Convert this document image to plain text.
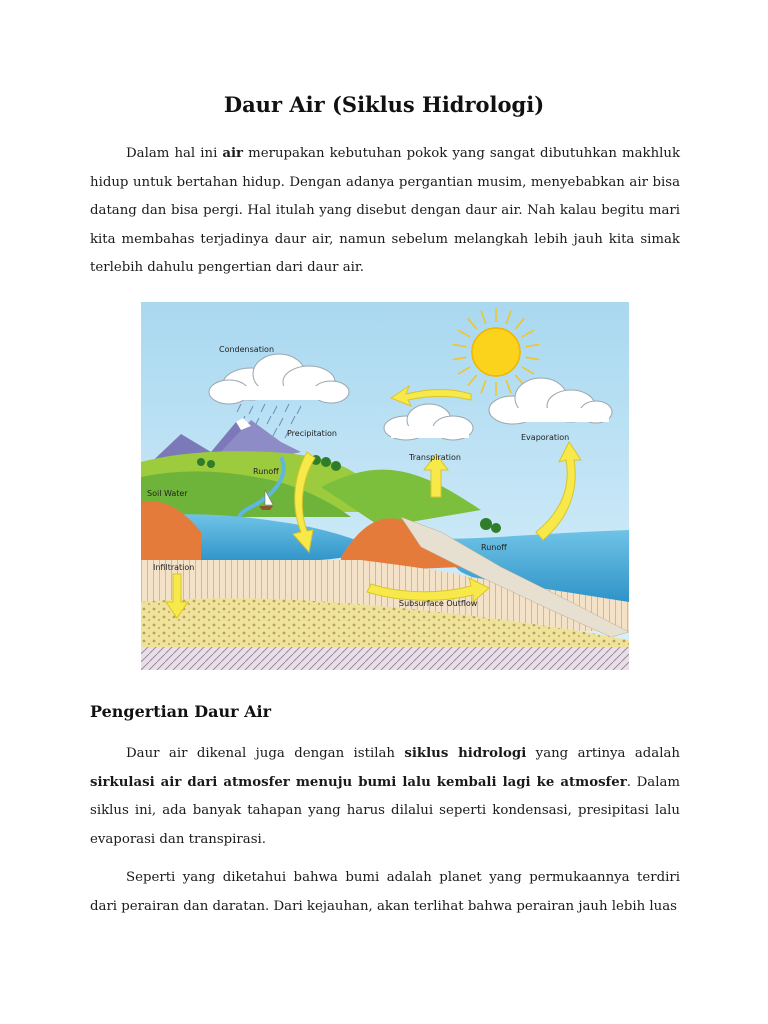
Daur Air (Siklus Hidrologi)

Dalam hal ini air merupakan kebutuhan pokok yang sangat dibutuhkan makhluk hidup untuk bertahan hidup. Dengan adanya pergantian musim, menyebabkan air bisa datang dan bisa pergi. Hal itulah yang disebut dengan daur air. Nah kalau begitu mari kita membahas terjadinya daur air, namun sebelum melangkah lebih jauh kita simak terlebih dahulu pengertian dari daur air.

Condensation
Precipitation	Evaporation
Transpiration
Runoff
Runoff
Soil Water
Infiltration
Subsurface Outflow
Pengertian Daur Air

Daur air dikenal juga dengan istilah siklus hidrologi yang artinya adalah sirkulasi air dari atmosfer menuju bumi lalu kembali lagi ke atmosfer. Dalam siklus ini, ada banyak tahapan yang harus dilalui seperti kondensasi, presipitasi lalu evaporasi dan transpirasi.

Seperti yang diketahui bahwa bumi adalah planet yang permukaannya terdiri dari perairan dan daratan. Dari kejauhan, akan terlihat bahwa perairan jauh lebih luas
